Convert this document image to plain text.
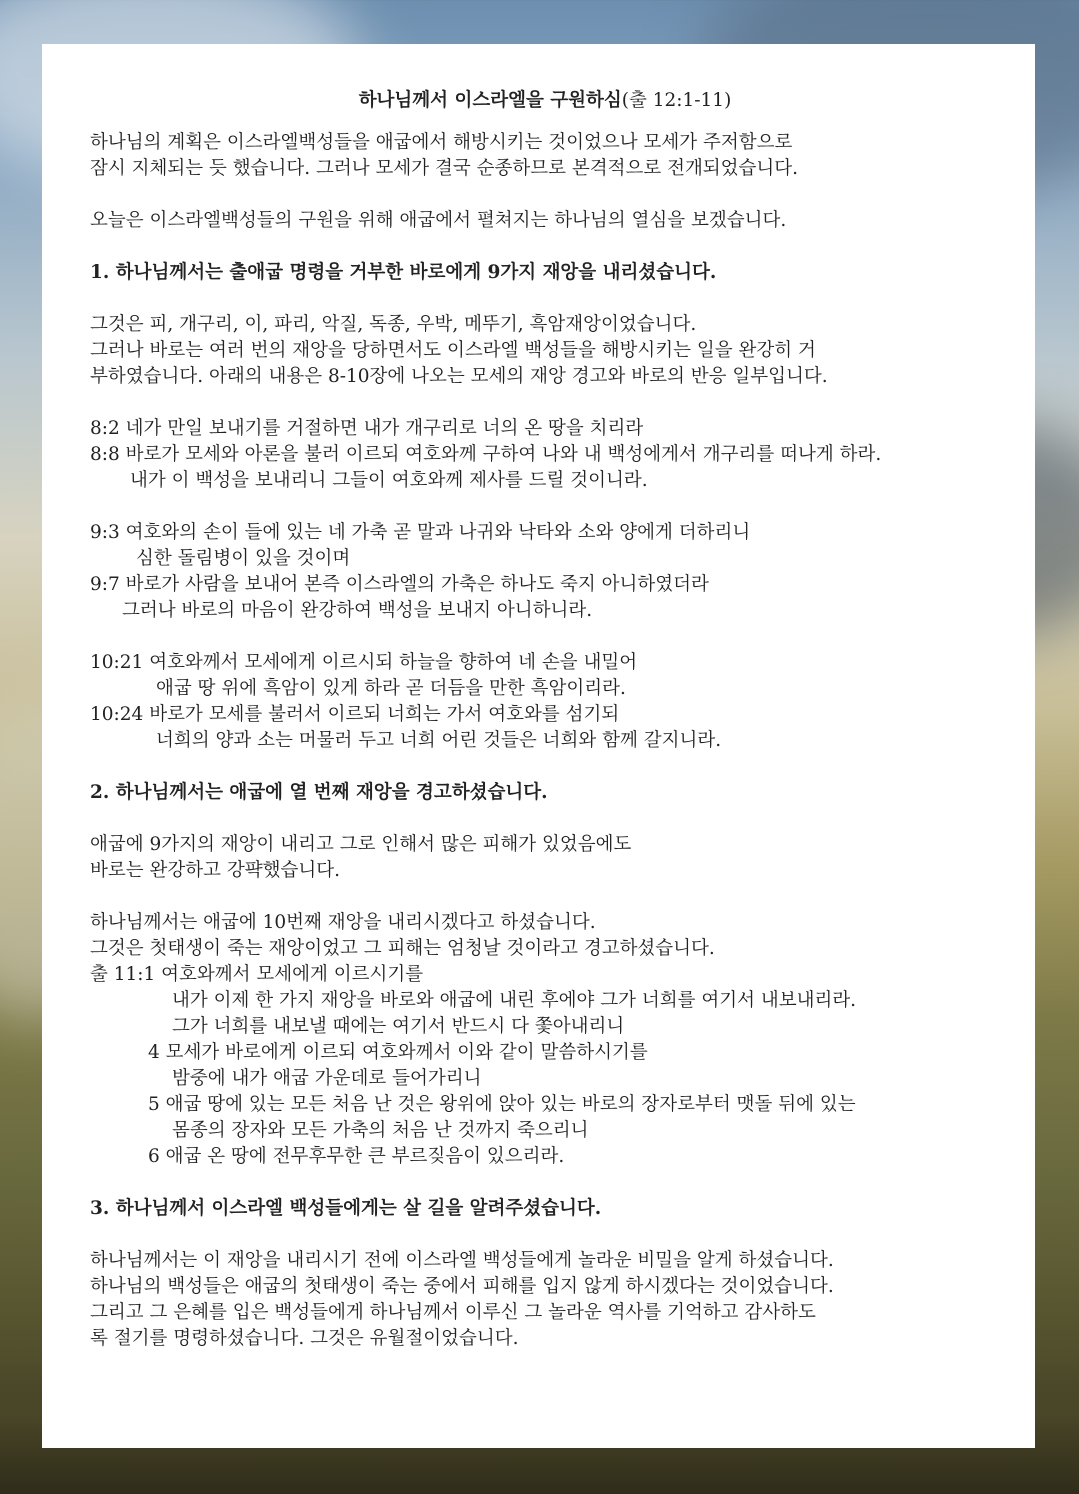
하나님께서 이스라엘을 구원하심(출 12:1-11)

하나님의 계획은 이스라엘백성들을 애굽에서 해방시키는 것이었으나 모세가 주저함으로
잠시 지체되는 듯 했습니다. 그러나 모세가 결국 순종하므로 본격적으로 전개되었습니다.

오늘은 이스라엘백성들의 구원을 위해 애굽에서 펼쳐지는 하나님의 열심을 보겠습니다.

1. 하나님께서는 출애굽 명령을 거부한 바로에게 9가지 재앙을 내리셨습니다.

그것은 피, 개구리, 이, 파리, 악질, 독종, 우박, 메뚜기, 흑암재앙이었습니다.
그러나 바로는 여러 번의 재앙을 당하면서도 이스라엘 백성들을 해방시키는 일을 완강히 거
부하였습니다. 아래의 내용은 8-10장에 나오는 모세의 재앙 경고와 바로의 반응 일부입니다.

8:2 네가 만일 보내기를 거절하면 내가 개구리로 너의 온 땅을 치리라
8:8 바로가 모세와 아론을 불러 이르되 여호와께 구하여 나와 내 백성에게서 개구리를 떠나게 하라.
내가 이 백성을 보내리니 그들이 여호와께 제사를 드릴 것이니라.

9:3 여호와의 손이 들에 있는 네 가축 곧 말과 나귀와 낙타와 소와 양에게 더하리니
심한 돌림병이 있을 것이며
9:7 바로가 사람을 보내어 본즉 이스라엘의 가축은 하나도 죽지 아니하였더라
그러나 바로의 마음이 완강하여 백성을 보내지 아니하니라.

10:21 여호와께서 모세에게 이르시되 하늘을 향하여 네 손을 내밀어
애굽 땅 위에 흑암이 있게 하라 곧 더듬을 만한 흑암이리라.
10:24 바로가 모세를 불러서 이르되 너희는 가서 여호와를 섬기되
너희의 양과 소는 머물러 두고 너희 어린 것들은 너희와 함께 갈지니라.

2. 하나님께서는 애굽에 열 번째 재앙을 경고하셨습니다.

애굽에 9가지의 재앙이 내리고 그로 인해서 많은 피해가 있었음에도
바로는 완강하고 강퍅했습니다.

하나님께서는 애굽에 10번째 재앙을 내리시겠다고 하셨습니다.
그것은 첫태생이 죽는 재앙이었고 그 피해는 엄청날 것이라고 경고하셨습니다.
출 11:1 여호와께서 모세에게 이르시기를
내가 이제 한 가지 재앙을 바로와 애굽에 내린 후에야 그가 너희를 여기서 내보내리라.
그가 너희를 내보낼 때에는 여기서 반드시 다 쫓아내리니
4 모세가 바로에게 이르되 여호와께서 이와 같이 말씀하시기를
밤중에 내가 애굽 가운데로 들어가리니
5 애굽 땅에 있는 모든 처음 난 것은 왕위에 앉아 있는 바로의 장자로부터 맷돌 뒤에 있는
몸종의 장자와 모든 가축의 처음 난 것까지 죽으리니
6 애굽 온 땅에 전무후무한 큰 부르짖음이 있으리라.

3. 하나님께서 이스라엘 백성들에게는 살 길을 알려주셨습니다.

하나님께서는 이 재앙을 내리시기 전에 이스라엘 백성들에게 놀라운 비밀을 알게 하셨습니다.
하나님의 백성들은 애굽의 첫태생이 죽는 중에서 피해를 입지 않게 하시겠다는 것이었습니다.
그리고 그 은혜를 입은 백성들에게 하나님께서 이루신 그 놀라운 역사를 기억하고 감사하도
록 절기를 명령하셨습니다. 그것은 유월절이었습니다.
